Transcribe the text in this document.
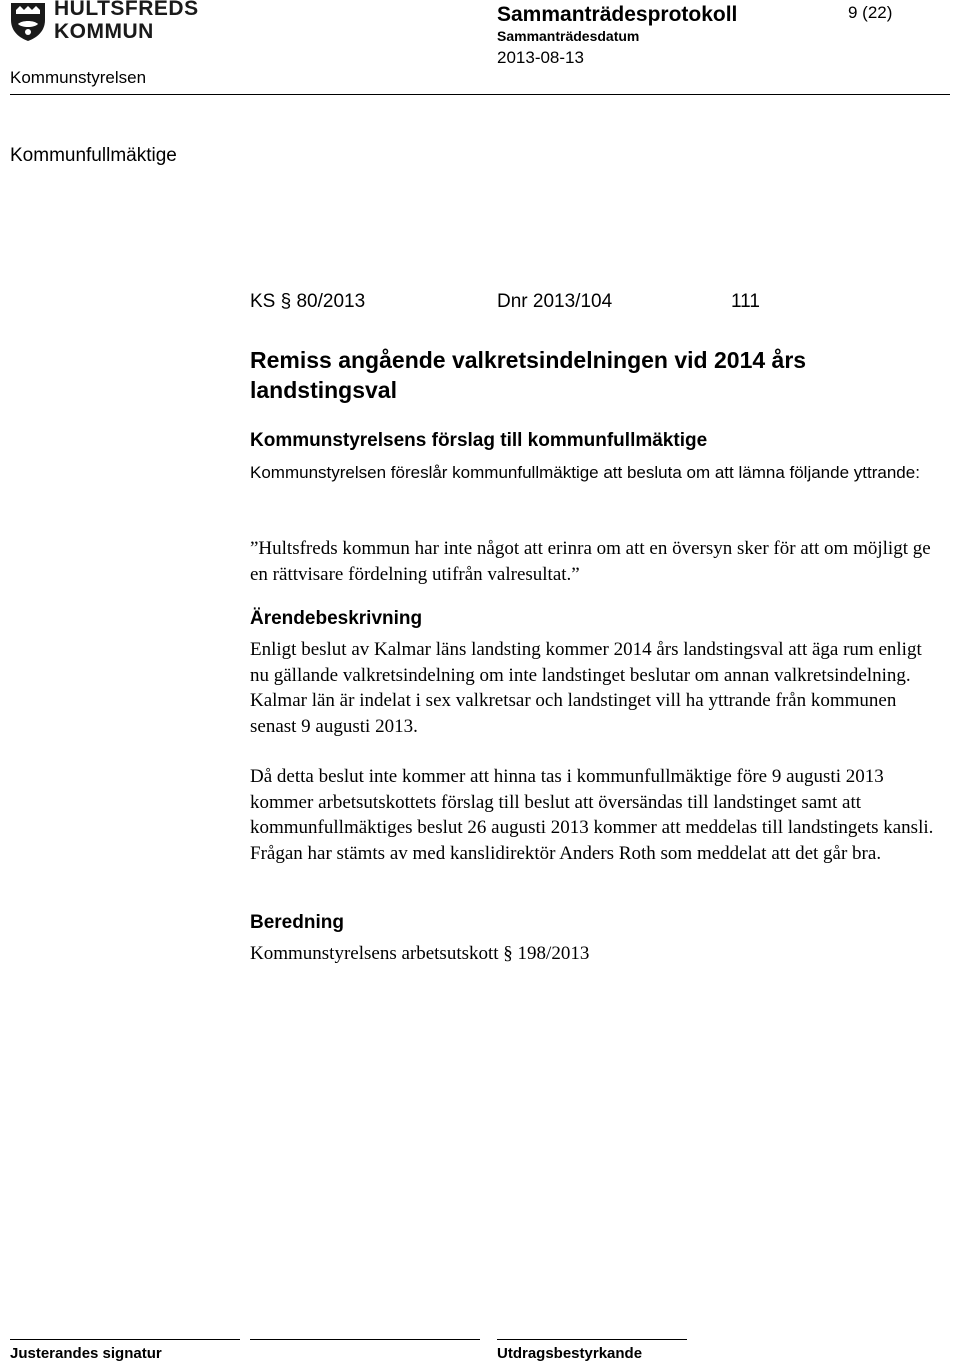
HULTSFREDS
KOMMUN
Sammanträdesprotokoll	9 (22)
Sammanträdesdatum
2013-08-13
Kommunstyrelsen
Kommunfullmäktige
KS § 80/2013	Dnr 2013/104	111
Remiss angående valkretsindelningen vid 2014 års landstingsval
Kommunstyrelsens förslag till kommunfullmäktige
Kommunstyrelsen föreslår kommunfullmäktige att besluta om att lämna följande yttrande:
”Hultsfreds kommun har inte något att erinra om att en översyn sker för att om möjligt ge en rättvisare fördelning utifrån valresultat.”
Ärendebeskrivning
Enligt beslut av Kalmar läns landsting kommer 2014 års landstingsval att äga rum enligt nu gällande valkretsindelning om inte landstinget beslutar om annan valkretsindelning. Kalmar län är indelat i sex valkretsar och landstinget vill ha yttrande från kommunen senast 9 augusti 2013.
Då detta beslut inte kommer att hinna tas i kommunfullmäktige före 9 augusti 2013 kommer arbetsutskottets förslag till beslut att översändas till landstinget samt att kommunfullmäktiges beslut 26 augusti 2013 kommer att meddelas till landstingets kansli. Frågan har stämts av med kanslidirektör Anders Roth som meddelat att det går bra.
Beredning
Kommunstyrelsens arbetsutskott § 198/2013
Justerandes signatur	Utdragsbestyrkande
